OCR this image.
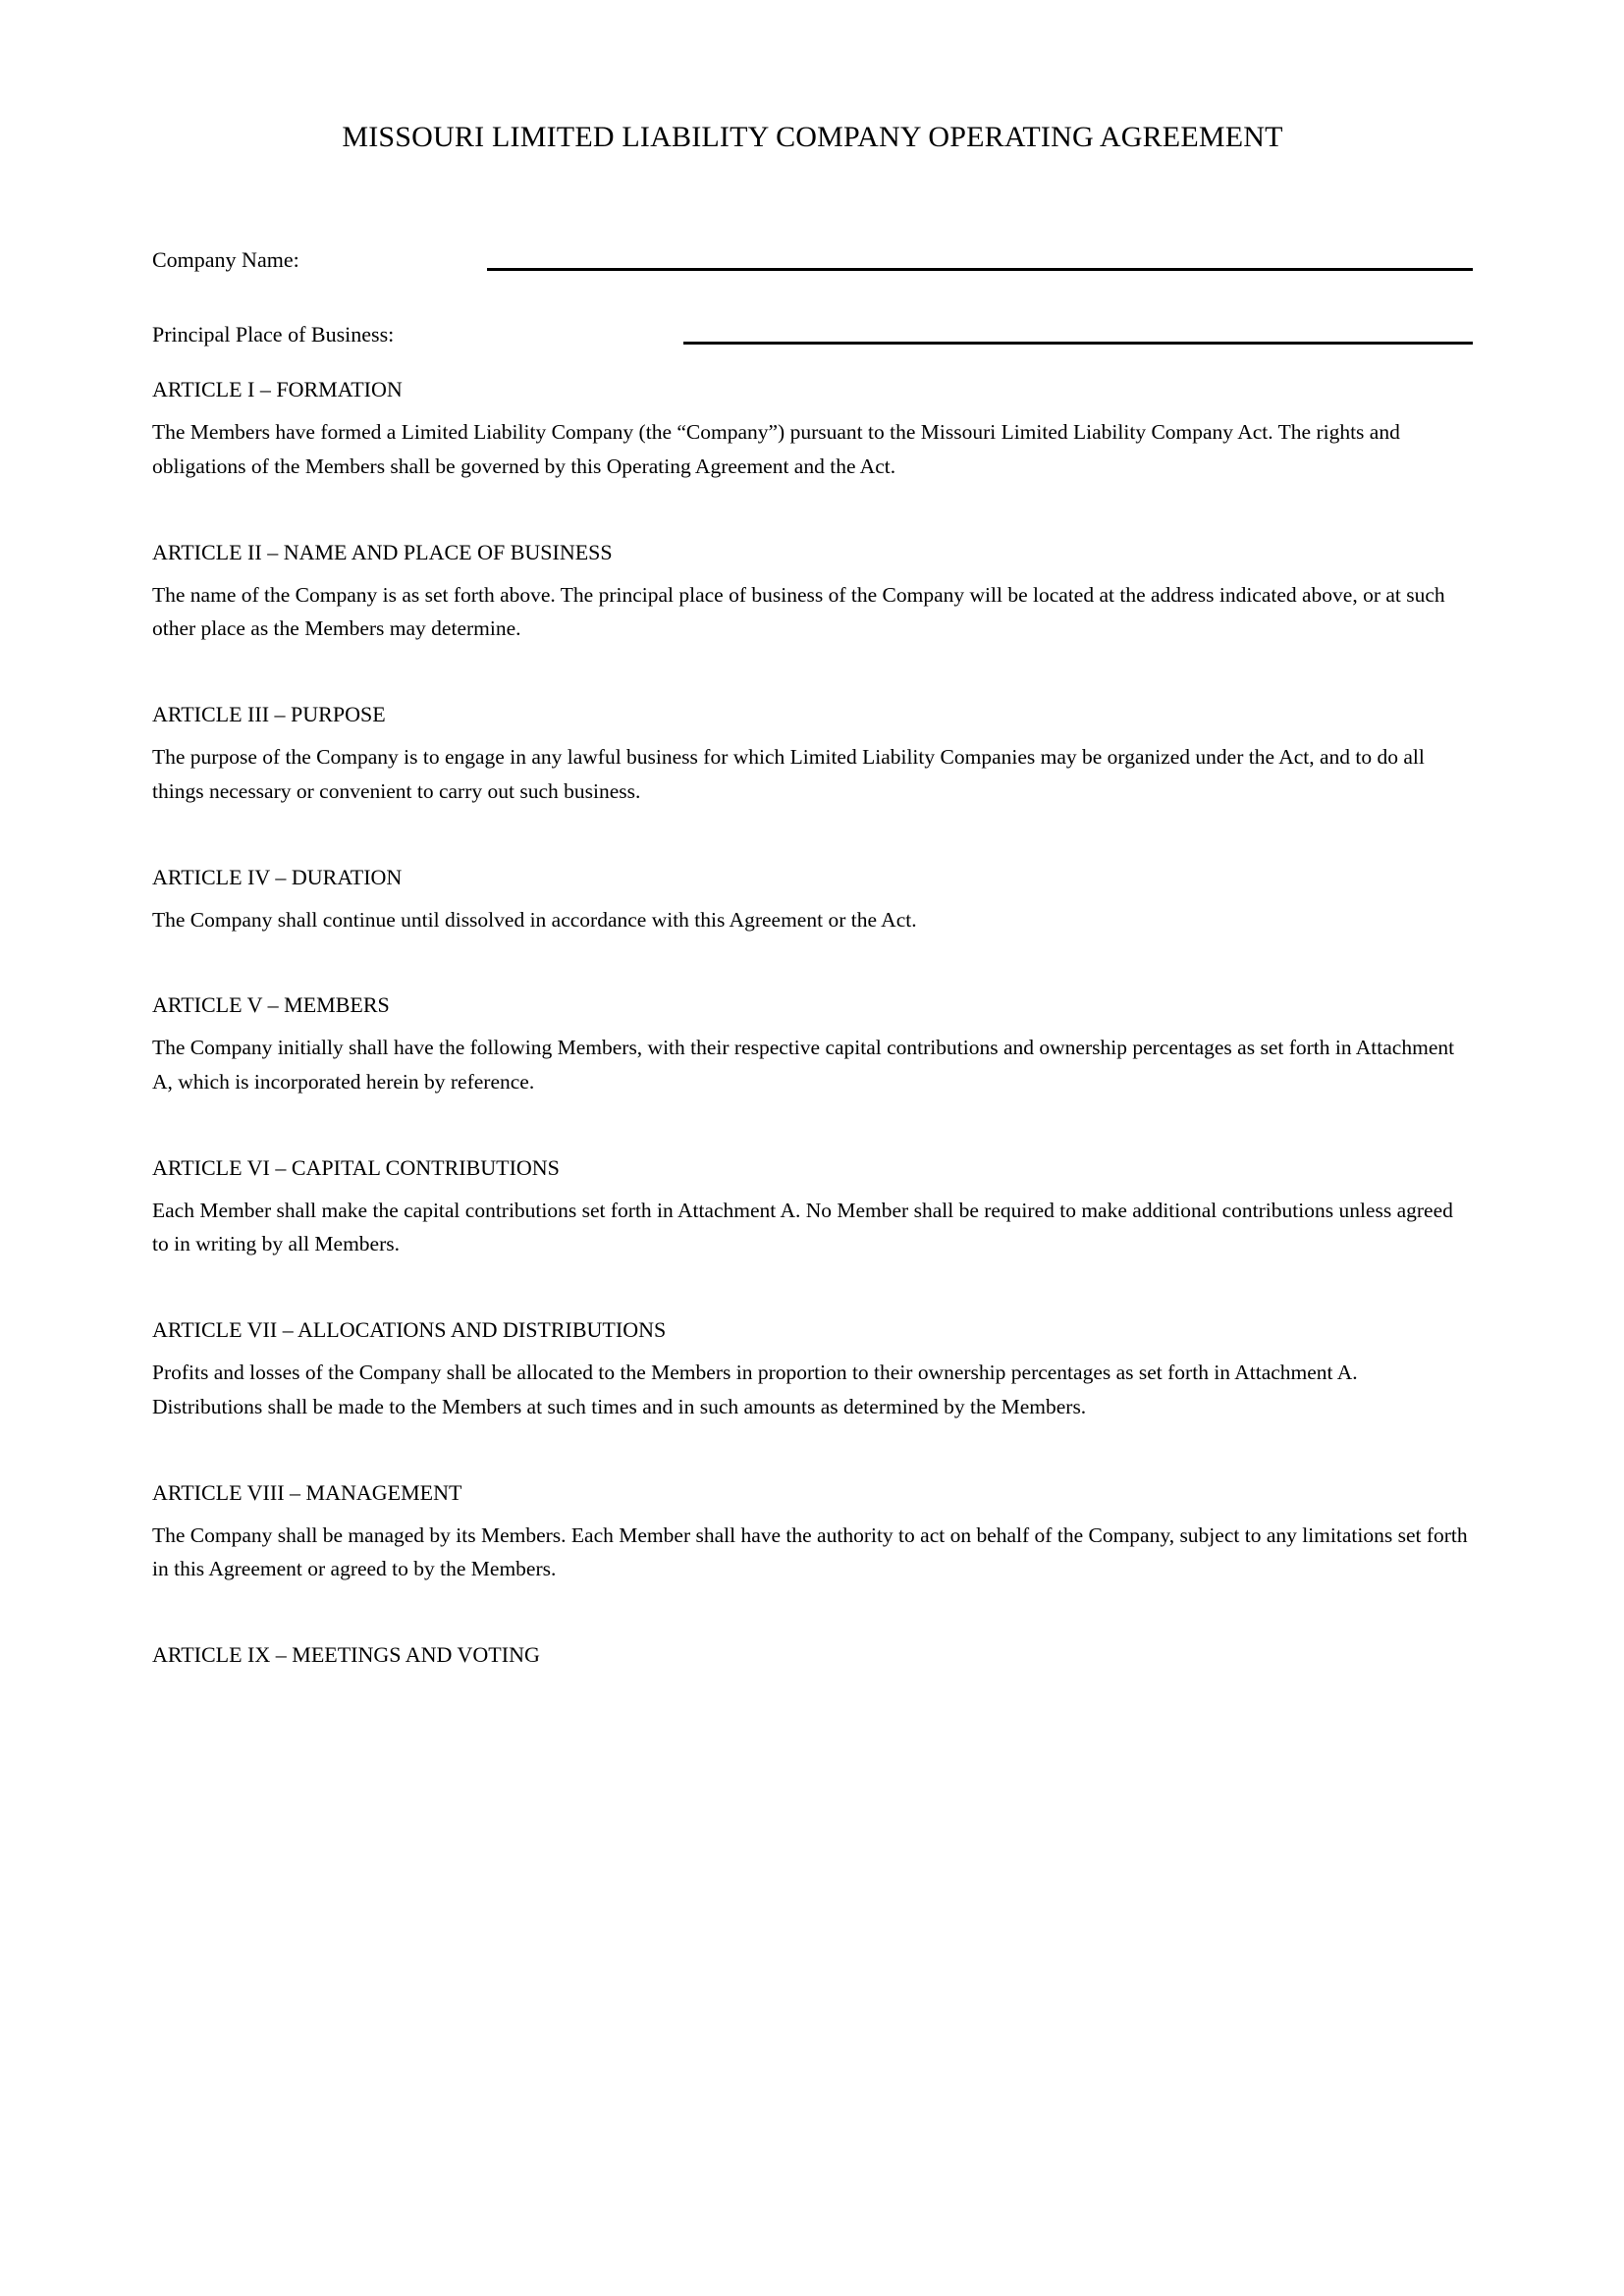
MISSOURI LIMITED LIABILITY COMPANY OPERATING AGREEMENT
Company Name:
Principal Place of Business:
ARTICLE I – FORMATION

The Members have formed a Limited Liability Company (the “Company”) pursuant to the Missouri Limited Liability Company Act. The rights and obligations of the Members shall be governed by this Operating Agreement and the Act.

ARTICLE II – NAME AND PLACE OF BUSINESS

The name of the Company is as set forth above. The principal place of business of the Company will be located at the address indicated above, or at such other place as the Members may determine.

ARTICLE III – PURPOSE

The purpose of the Company is to engage in any lawful business for which Limited Liability Companies may be organized under the Act, and to do all things necessary or convenient to carry out such business.

ARTICLE IV – DURATION

The Company shall continue until dissolved in accordance with this Agreement or the Act.

ARTICLE V – MEMBERS

The Company initially shall have the following Members, with their respective capital contributions and ownership percentages as set forth in Attachment A, which is incorporated herein by reference.

ARTICLE VI – CAPITAL CONTRIBUTIONS

Each Member shall make the capital contributions set forth in Attachment A. No Member shall be required to make additional contributions unless agreed to in writing by all Members.

ARTICLE VII – ALLOCATIONS AND DISTRIBUTIONS

Profits and losses of the Company shall be allocated to the Members in proportion to their ownership percentages as set forth in Attachment A. Distributions shall be made to the Members at such times and in such amounts as determined by the Members.

ARTICLE VIII – MANAGEMENT

The Company shall be managed by its Members. Each Member shall have the authority to act on behalf of the Company, subject to any limitations set forth in this Agreement or agreed to by the Members.

ARTICLE IX – MEETINGS AND VOTING
